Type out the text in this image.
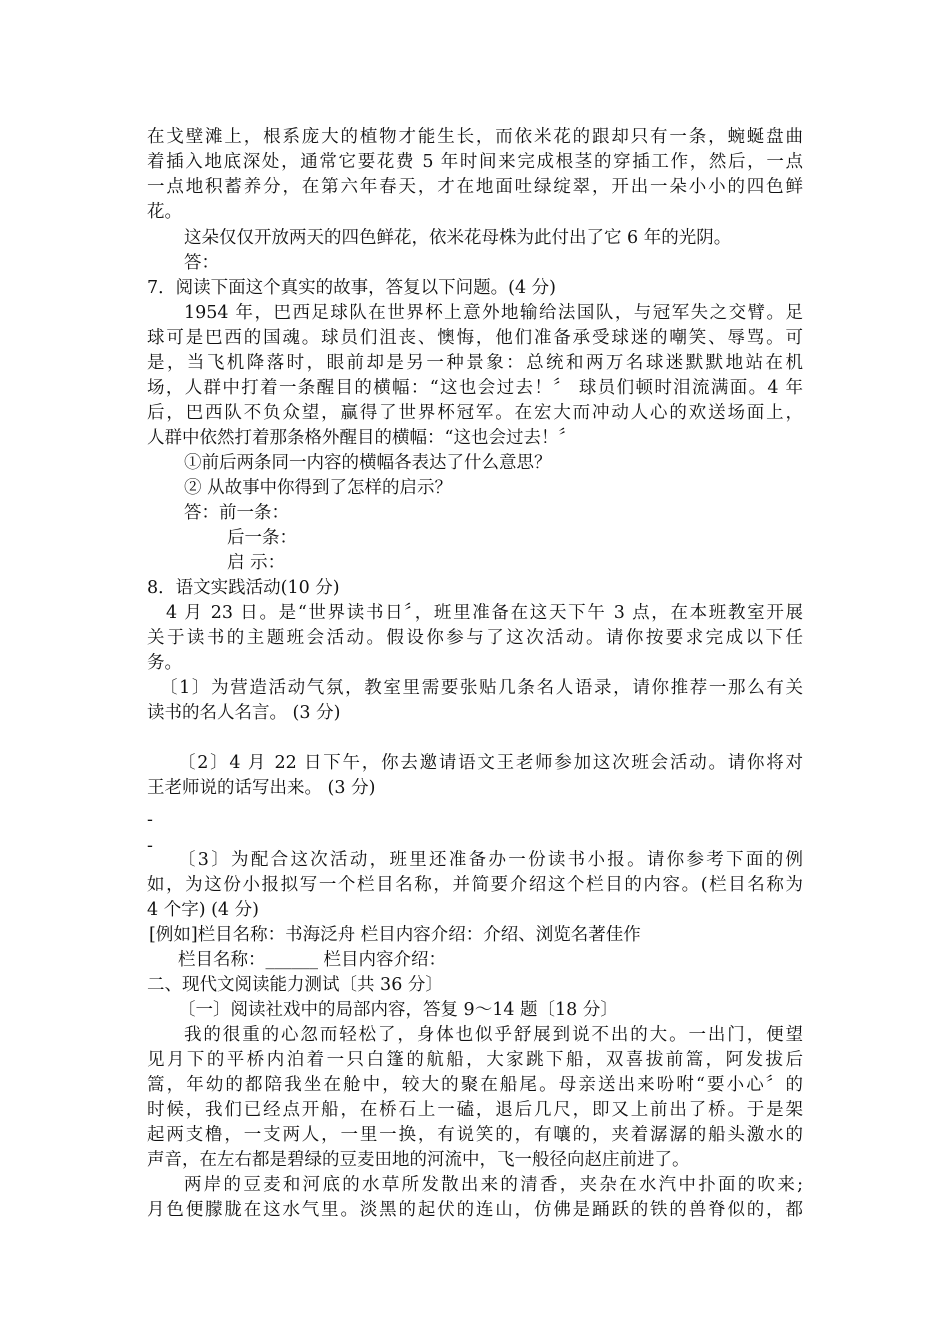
在戈壁滩上，根系庞大的植物才能生长，而依米花的跟却只有一条，蜿蜒盘曲
着插入地底深处，通常它要花费 5 年时间来完成根茎的穿插工作，然后，一点
一点地积蓄养分，在第六年春天，才在地面吐绿绽翠，开出一朵小小的四色鲜
花。
这朵仅仅开放两天的四色鲜花，依米花母株为此付出了它 6 年的光阴。
答：
7．阅读下面这个真实的故事，答复以下问题。(4 分)
1954 年，巴西足球队在世界杯上意外地输给法国队，与冠军失之交臂。足
球可是巴西的国魂。球员们沮丧、懊悔，他们准备承受球迷的嘲笑、辱骂。可
是，当飞机降落时，眼前却是另一种景象：总统和两万名球迷默默地站在机
场，人群中打着一条醒目的横幅：“这也会过去！〞 球员们顿时泪流满面。4 年
后，巴西队不负众望，赢得了世界杯冠军。在宏大而冲动人心的欢送场面上，
人群中依然打着那条格外醒目的横幅：“这也会过去！〞
①前后两条同一内容的横幅各表达了什么意思？
② 从故事中你得到了怎样的启示？
答：前一条：
后一条：
启 示：
8．语文实践活动(10 分)
4 月 23 日。是“世界读书日〞，班里准备在这天下午 3 点，在本班教室开展
关于读书的主题班会活动。假设你参与了这次活动。请你按要求完成以下任
务。
〔1〕为营造活动气氛，教室里需要张贴几条名人语录，请你推荐一那么有关
读书的名人名言。 (3 分)
〔2〕4 月 22 日下午，你去邀请语文王老师参加这次班会活动。请你将对
王老师说的话写出来。 (3 分)
-
-
〔3〕为配合这次活动，班里还准备办一份读书小报。请你参考下面的例
如，为这份小报拟写一个栏目名称，并简要介绍这个栏目的内容。(栏目名称为
4 个字) (4 分)
[例如]栏目名称：书海泛舟 栏目内容介绍：介绍、浏览名著佳作
栏目名称：______ 栏目内容介绍：
二、现代文阅读能力测试〔共 36 分〕
〔一〕阅读社戏中的局部内容，答复 9～14 题〔18 分〕
我的很重的心忽而轻松了，身体也似乎舒展到说不出的大。一出门，便望
见月下的平桥内泊着一只白篷的航船，大家跳下船，双喜拔前篙，阿发拔后
篙，年幼的都陪我坐在舱中，较大的聚在船尾。母亲送出来吩咐“要小心〞的
时候，我们已经点开船，在桥石上一磕，退后几尺，即又上前出了桥。于是架
起两支橹，一支两人，一里一换，有说笑的，有嚷的，夹着潺潺的船头激水的
声音，在左右都是碧绿的豆麦田地的河流中，飞一般径向赵庄前进了。
两岸的豆麦和河底的水草所发散出来的清香，夹杂在水汽中扑面的吹来;
月色便朦胧在这水气里。淡黑的起伏的连山，仿佛是踊跃的铁的兽脊似的，都
